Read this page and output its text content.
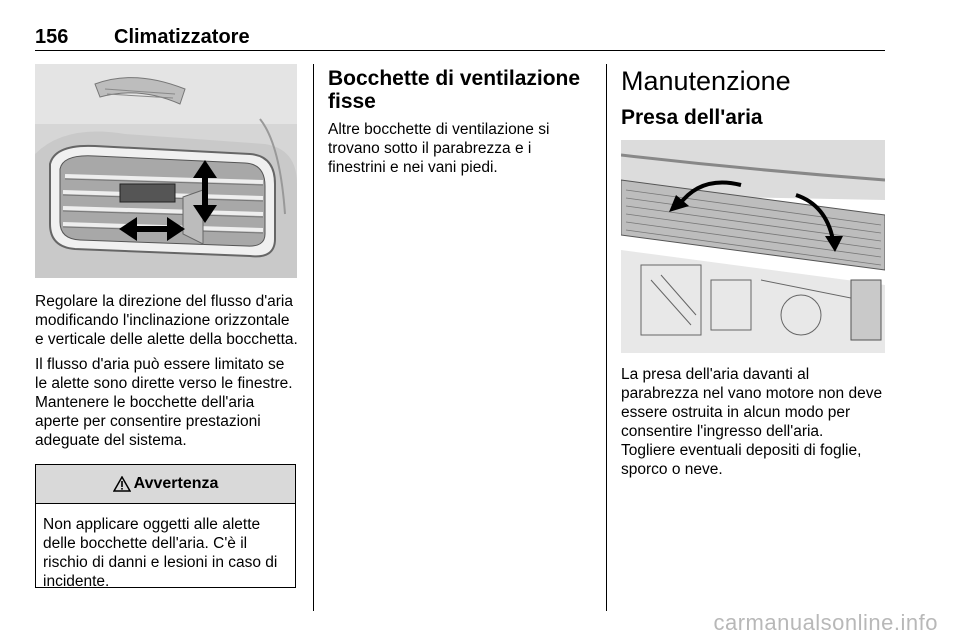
156 Climatizzatore

Regolare la direzione del flusso d'aria modificando l'inclinazione orizzontale e verticale delle alette della bocchetta.

Il flusso d'aria può essere limitato se le alette sono dirette verso le finestre. Mantenere le bocchette dell'aria aperte per consentire prestazioni adeguate del sistema.

Avvertenza
Non applicare oggetti alle alette delle bocchette dell'aria. C'è il rischio di danni e lesioni in caso di incidente.
Bocchette di ventilazione fisse

Altre bocchette di ventilazione si trovano sotto il parabrezza e i finestrini e nei vani piedi.

Manutenzione
Presa dell'aria

La presa dell'aria davanti al parabrezza nel vano motore non deve essere ostruita in alcun modo per consentire l'ingresso dell'aria.

Togliere eventuali depositi di foglie, sporco o neve.

carmanualsonline.info
